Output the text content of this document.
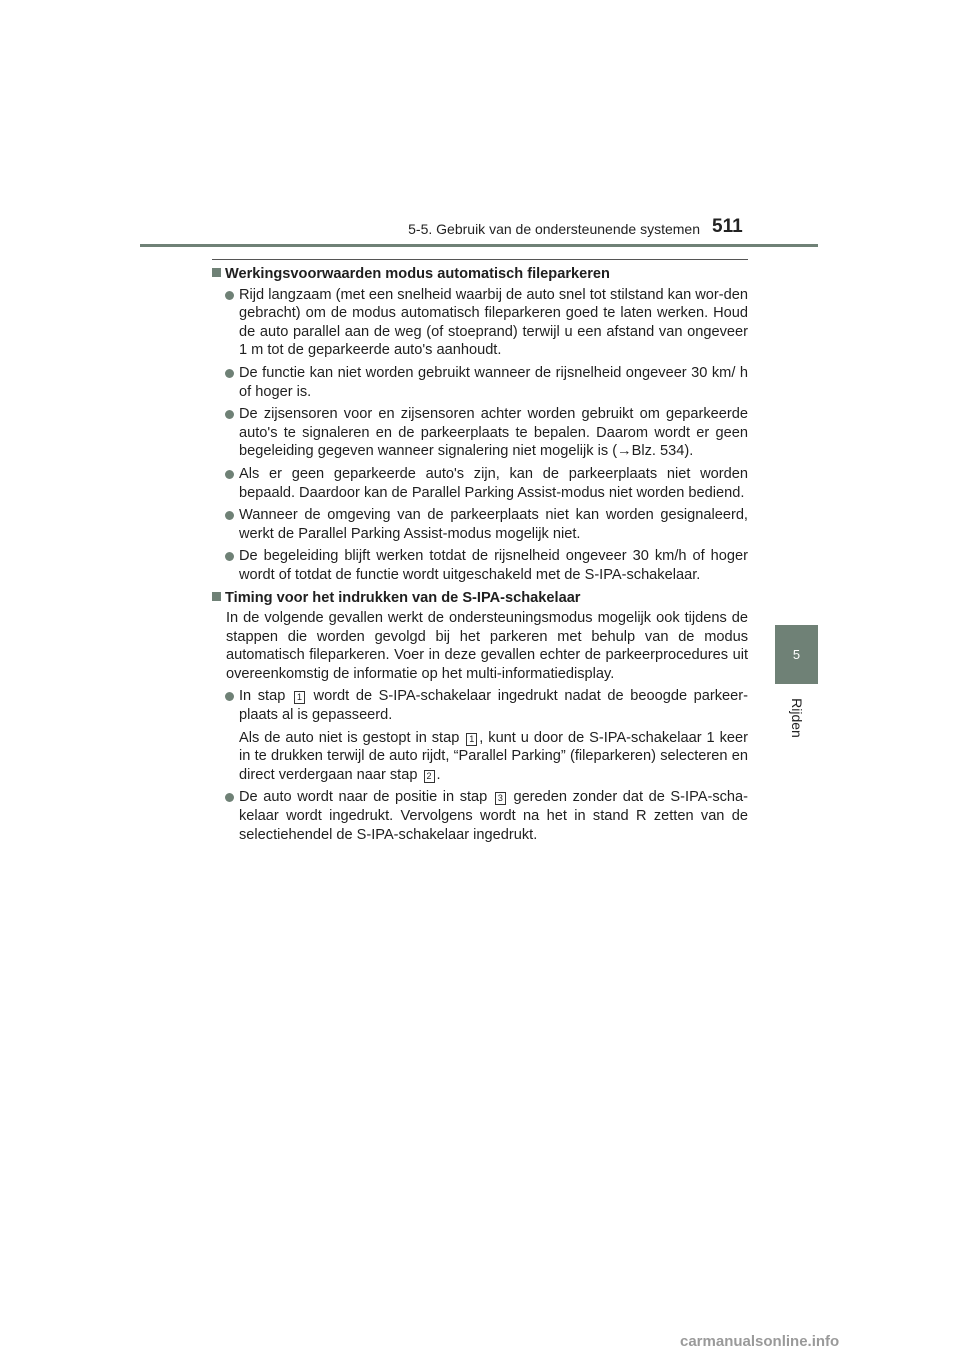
5-5. Gebruik van de ondersteunende systemen 511
5
Rijden
Werkingsvoorwaarden modus automatisch fileparkeren
Rijd langzaam (met een snelheid waarbij de auto snel tot stilstand kan wor-den gebracht) om de modus automatisch fileparkeren goed te laten werken. Houd de auto parallel aan de weg (of stoeprand) terwijl u een afstand van ongeveer 1 m tot de geparkeerde auto's aanhoudt.
De functie kan niet worden gebruikt wanneer de rijsnelheid ongeveer 30 km/ h of hoger is.
De zijsensoren voor en zijsensoren achter worden gebruikt om geparkeerde auto's te signaleren en de parkeerplaats te bepalen. Daarom wordt er geen begeleiding gegeven wanneer signalering niet mogelijk is (→Blz. 534).
Als er geen geparkeerde auto's zijn, kan de parkeerplaats niet worden bepaald. Daardoor kan de Parallel Parking Assist-modus niet worden bediend.
Wanneer de omgeving van de parkeerplaats niet kan worden gesignaleerd, werkt de Parallel Parking Assist-modus mogelijk niet.
De begeleiding blijft werken totdat de rijsnelheid ongeveer 30 km/h of hoger wordt of totdat de functie wordt uitgeschakeld met de S-IPA-schakelaar.
Timing voor het indrukken van de S-IPA-schakelaar
In de volgende gevallen werkt de ondersteuningsmodus mogelijk ook tijdens de stappen die worden gevolgd bij het parkeren met behulp van de modus automatisch fileparkeren. Voer in deze gevallen echter de parkeerprocedures uit overeenkomstig de informatie op het multi-informatiedisplay.
In stap 1 wordt de S-IPA-schakelaar ingedrukt nadat de beoogde parkeer-plaats al is gepasseerd.
Als de auto niet is gestopt in stap 1 , kunt u door de S-IPA-schakelaar 1 keer in te drukken terwijl de auto rijdt, “Parallel Parking” (fileparkeren) selecteren en direct verdergaan naar stap 2 .
De auto wordt naar de positie in stap 3 gereden zonder dat de S-IPA-scha-kelaar wordt ingedrukt. Vervolgens wordt na het in stand R zetten van de selectiehendel de S-IPA-schakelaar ingedrukt.
carmanualsonline.info
